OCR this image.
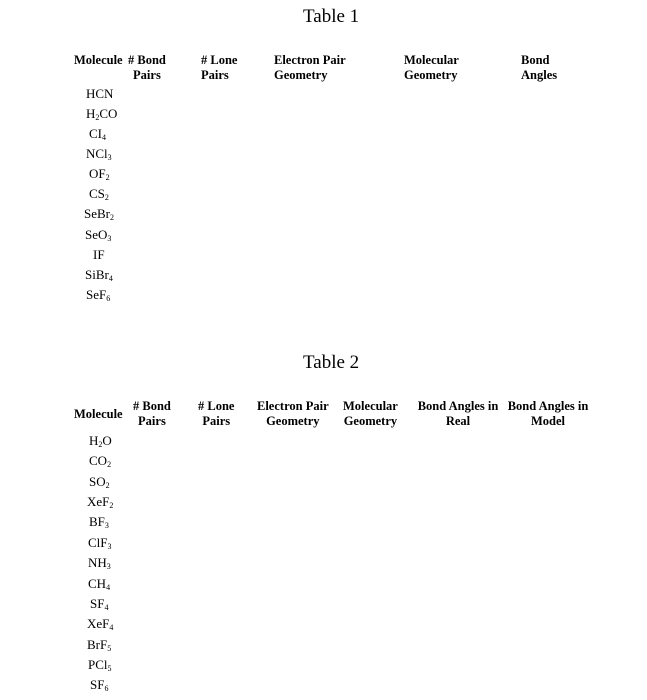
Table 1
Molecule # Bond
Pairs
# Lone
Pairs
Electron Pair
Geometry
Molecular
Geometry
Bond
Angles
HCN
$H_2CO$
$CI_4$
NCl$_3$
$OF_2$
$CS_2$
SeBr$_2$
SeO$_3$
IF
SiBr$_4$
SeF$_6$
Table 2
Molecule
# Bond
Pairs
# Lone
Pairs
Electron Pair
Geometry
Molecular
Geometry
Bond Angles in
Real
Bond Angles in
Model
$H_2O$
$CO_2$
$SO_2$
XeF$_2$
$BF_3$
ClF$_3$
$NH_3$
$CH_4$
$SF_4$
XeF$_4$
BrF$_5$
PCl$_5$
$SF_6$
